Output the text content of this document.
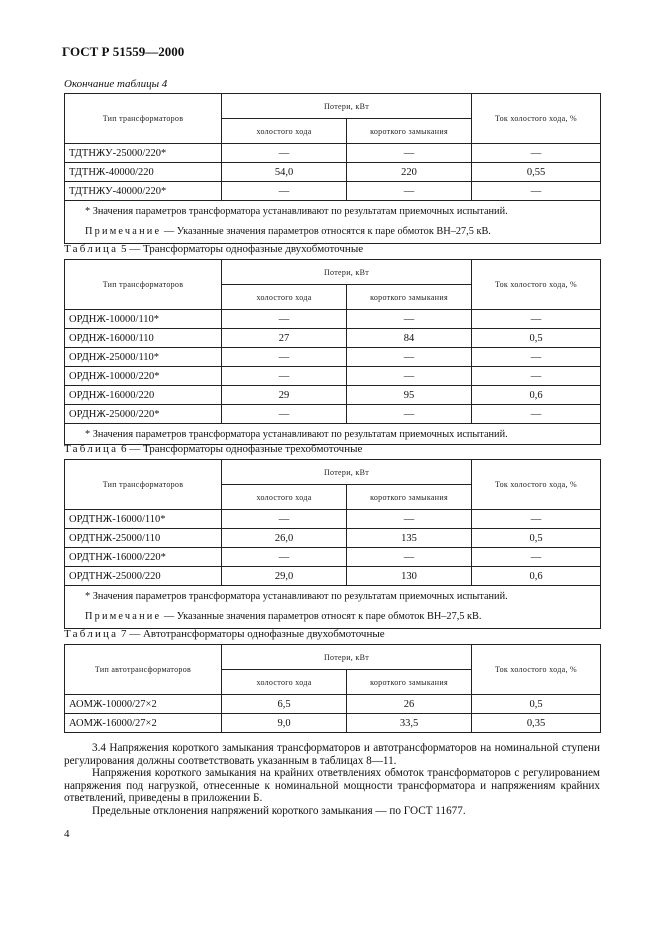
ГОСТ Р 51559—2000
Окончание таблицы 4
Тип трансформаторов	Потери, кВт		Ток холостого хода, %
	холостого хода	короткого замыкания	
ТДТНЖУ-25000/220*	—	—	—
ТДТНЖ-40000/220	54,0	220	0,55
ТДТНЖУ-40000/220*	—	—	—

* Значения параметров трансформатора устанавливают по результатам приемочных испытаний.
Примечание — Указанные значения параметров относятся к паре обмоток ВН–27,5 кВ.			
Таблица 5 — Трансформаторы однофазные двухобмоточные
Тип трансформаторов	Потери, кВт		Ток холостого хода, %
	холостого хода	короткого замыкания	
ОРДНЖ-10000/110*	—	—	—
ОРДНЖ-16000/110	27	84	0,5
ОРДНЖ-25000/110*	—	—	—
ОРДНЖ-10000/220*	—	—	—
ОРДНЖ-16000/220	29	95	0,6
ОРДНЖ-25000/220*	—	—	—
* Значения параметров трансформатора устанавливают по результатам приемочных испытаний.			
Таблица 6 — Трансформаторы однофазные трехобмоточные
Тип трансформаторов	Потери, кВт		Ток холостого хода, %
	холостого хода	короткого замыкания	
ОРДТНЖ-16000/110*	—	—	—
ОРДТНЖ-25000/110	26,0	135	0,5
ОРДТНЖ-16000/220*	—	—	—
ОРДТНЖ-25000/220	29,0	130	0,6

* Значения параметров трансформатора устанавливают по результатам приемочных испытаний.
Примечание — Указанные значения параметров относят к паре обмоток ВН–27,5 кВ.			
Таблица 7 — Автотрансформаторы однофазные двухобмоточные
Тип автотрансформаторов	Потери, кВт		Ток холостого хода, %
	холостого хода	короткого замыкания	
АОМЖ-10000/27×2	6,5	26	0,5
АОМЖ-16000/27×2	9,0	33,5	0,35

3.4 Напряжения короткого замыкания трансформаторов и автотрансформаторов на номинальной ступени регулирования должны соответствовать указанным в таблицах 8—11.

Напряжения короткого замыкания на крайних ответвлениях обмоток трансформаторов с регулированием напряжения под нагрузкой, отнесенные к номинальной мощности трансформатора и напряжениям крайних ответвлений, приведены в приложении Б.

Предельные отклонения напряжений короткого замыкания — по ГОСТ 11677.

4
